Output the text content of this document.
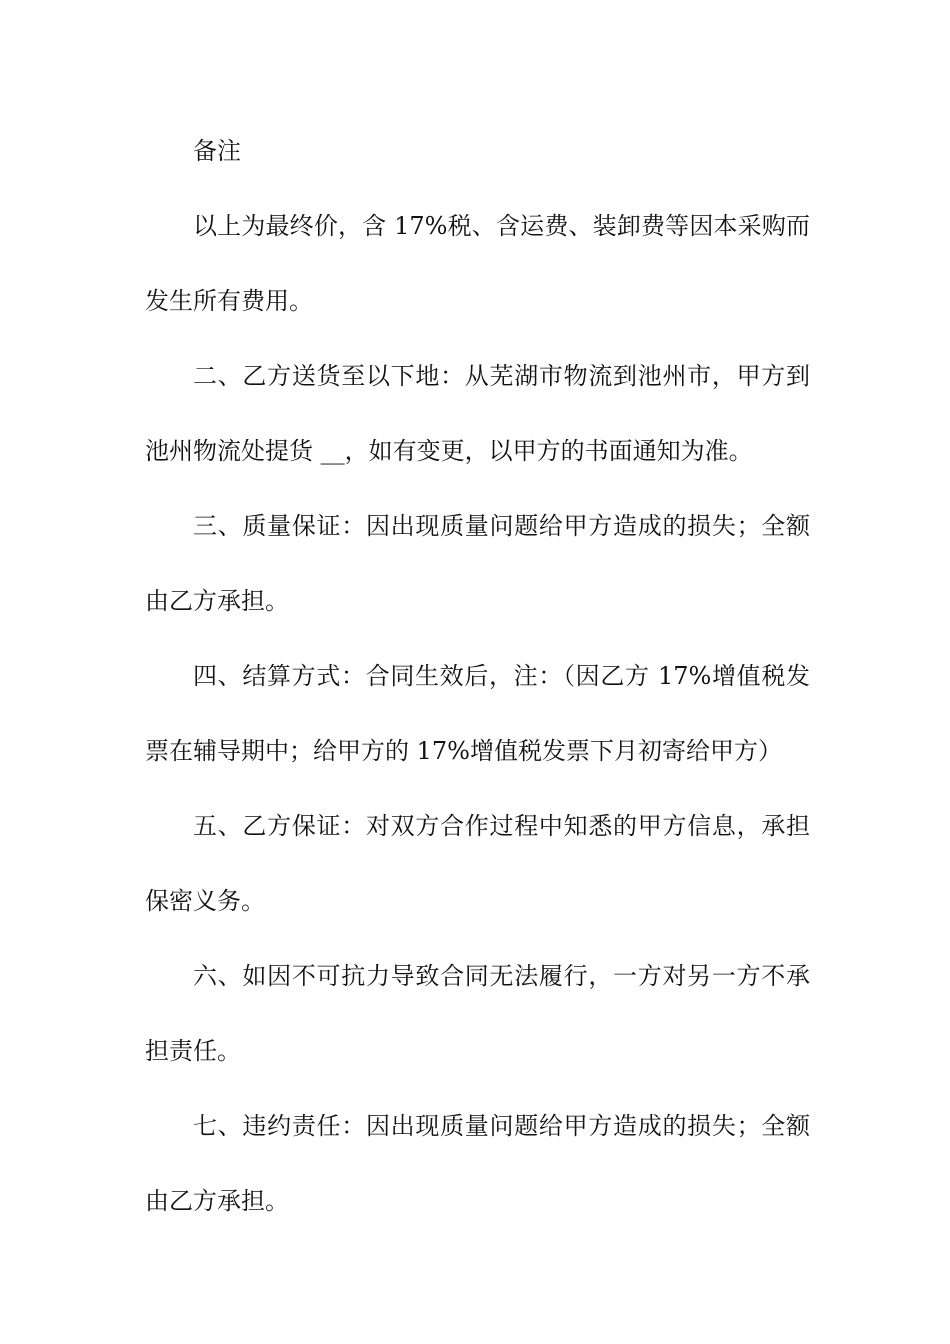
备注

以上为最终价，含 17%税、含运费、装卸费等因本采购而

发生所有费用。

二、乙方送货至以下地：从芜湖市物流到池州市，甲方到

池州物流处提货 __，如有变更，以甲方的书面通知为准。

三、质量保证：因出现质量问题给甲方造成的损失；全额

由乙方承担。

四、结算方式：合同生效后，注：（因乙方 17%增值税发

票在辅导期中；给甲方的 17%增值税发票下月初寄给甲方）

五、乙方保证：对双方合作过程中知悉的甲方信息，承担

保密义务。

六、如因不可抗力导致合同无法履行，一方对另一方不承

担责任。

七、违约责任：因出现质量问题给甲方造成的损失；全额

由乙方承担。
